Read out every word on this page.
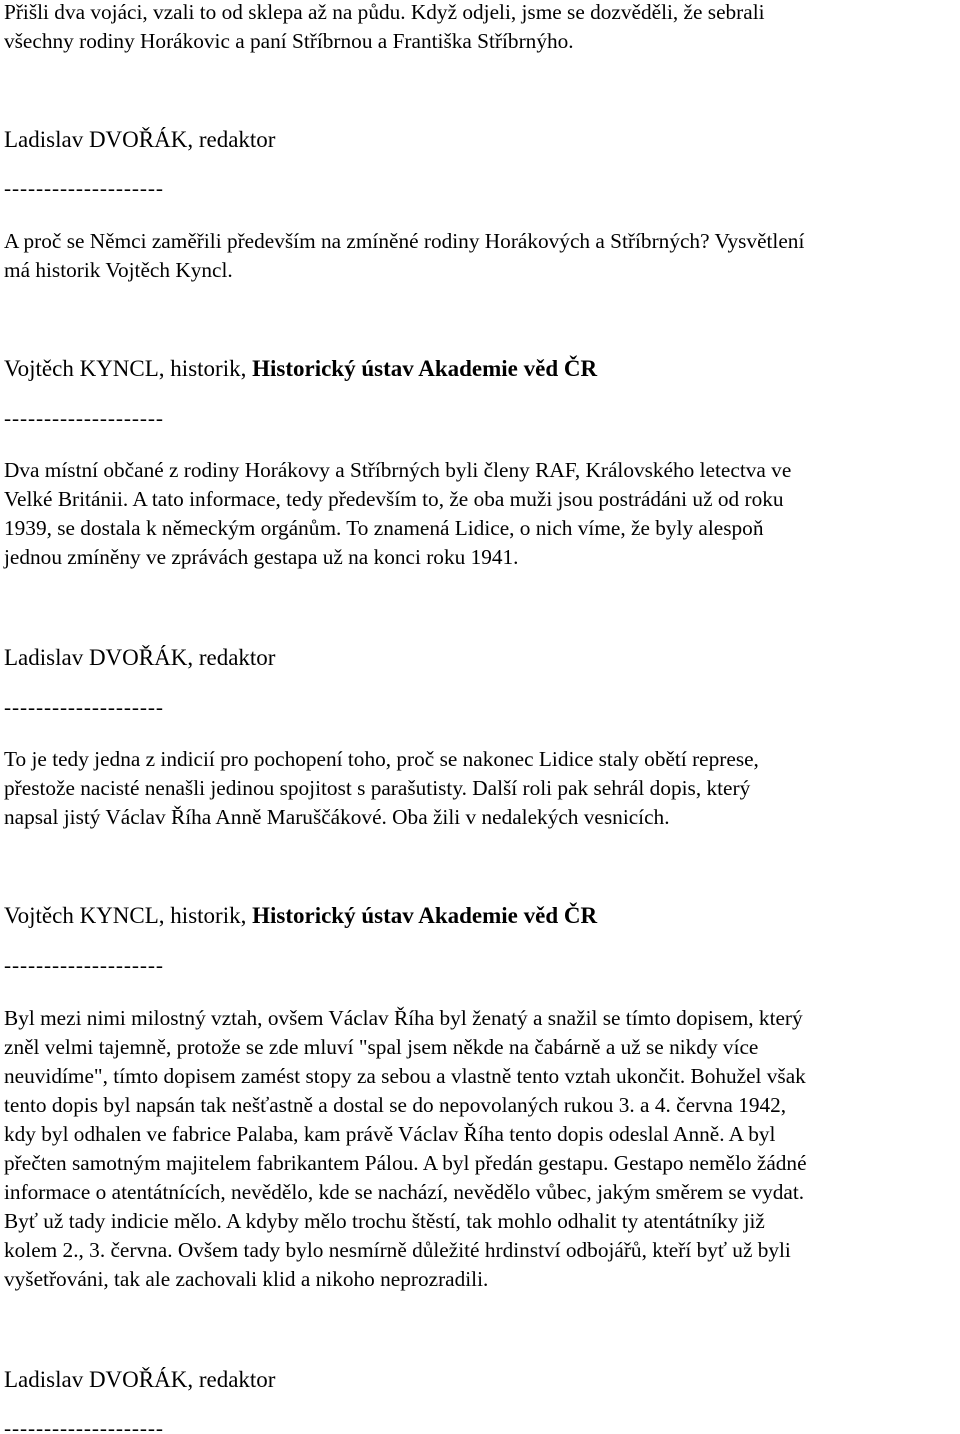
Přišli dva vojáci, vzali to od sklepa až na půdu. Když odjeli, jsme se dozvěděli, že sebrali
všechny rodiny Horákovic a paní Stříbrnou a Františka Stříbrnýho.
Ladislav DVOŘÁK, redaktor
--------------------
A proč se Němci zaměřili především na zmíněné rodiny Horákových a Stříbrných? Vysvětlení
má historik Vojtěch Kyncl.
Vojtěch KYNCL, historik, Historický ústav Akademie věd ČR
--------------------
Dva místní občané z rodiny Horákovy a Stříbrných byli členy RAF, Královského letectva ve
Velké Británii. A tato informace, tedy především to, že oba muži jsou postrádáni už od roku
1939, se dostala k německým orgánům. To znamená Lidice, o nich víme, že byly alespoň
jednou zmíněny ve zprávách gestapa už na konci roku 1941.
Ladislav DVOŘÁK, redaktor
--------------------
To je tedy jedna z indicií pro pochopení toho, proč se nakonec Lidice staly obětí represe,
přestože nacisté nenašli jedinou spojitost s parašutisty. Další roli pak sehrál dopis, který
napsal jistý Václav Říha Anně Maruščákové. Oba žili v nedalekých vesnicích.
Vojtěch KYNCL, historik, Historický ústav Akademie věd ČR
--------------------
Byl mezi nimi milostný vztah, ovšem Václav Říha byl ženatý a snažil se tímto dopisem, který
zněl velmi tajemně, protože se zde mluví "spal jsem někde na čabárně a už se nikdy více
neuvidíme", tímto dopisem zamést stopy za sebou a vlastně tento vztah ukončit. Bohužel však
tento dopis byl napsán tak nešťastně a dostal se do nepovolaných rukou 3. a 4. června 1942,
kdy byl odhalen ve fabrice Palaba, kam právě Václav Říha tento dopis odeslal Anně. A byl
přečten samotným majitelem fabrikantem Pálou. A byl předán gestapu. Gestapo nemělo žádné
informace o atentátnících, nevědělo, kde se nachází, nevědělo vůbec, jakým směrem se vydat.
Byť už tady indicie mělo. A kdyby mělo trochu štěstí, tak mohlo odhalit ty atentátníky již
kolem 2., 3. června. Ovšem tady bylo nesmírně důležité hrdinství odbojářů, kteří byť už byli
vyšetřováni, tak ale zachovali klid a nikoho neprozradili.
Ladislav DVOŘÁK, redaktor
--------------------
